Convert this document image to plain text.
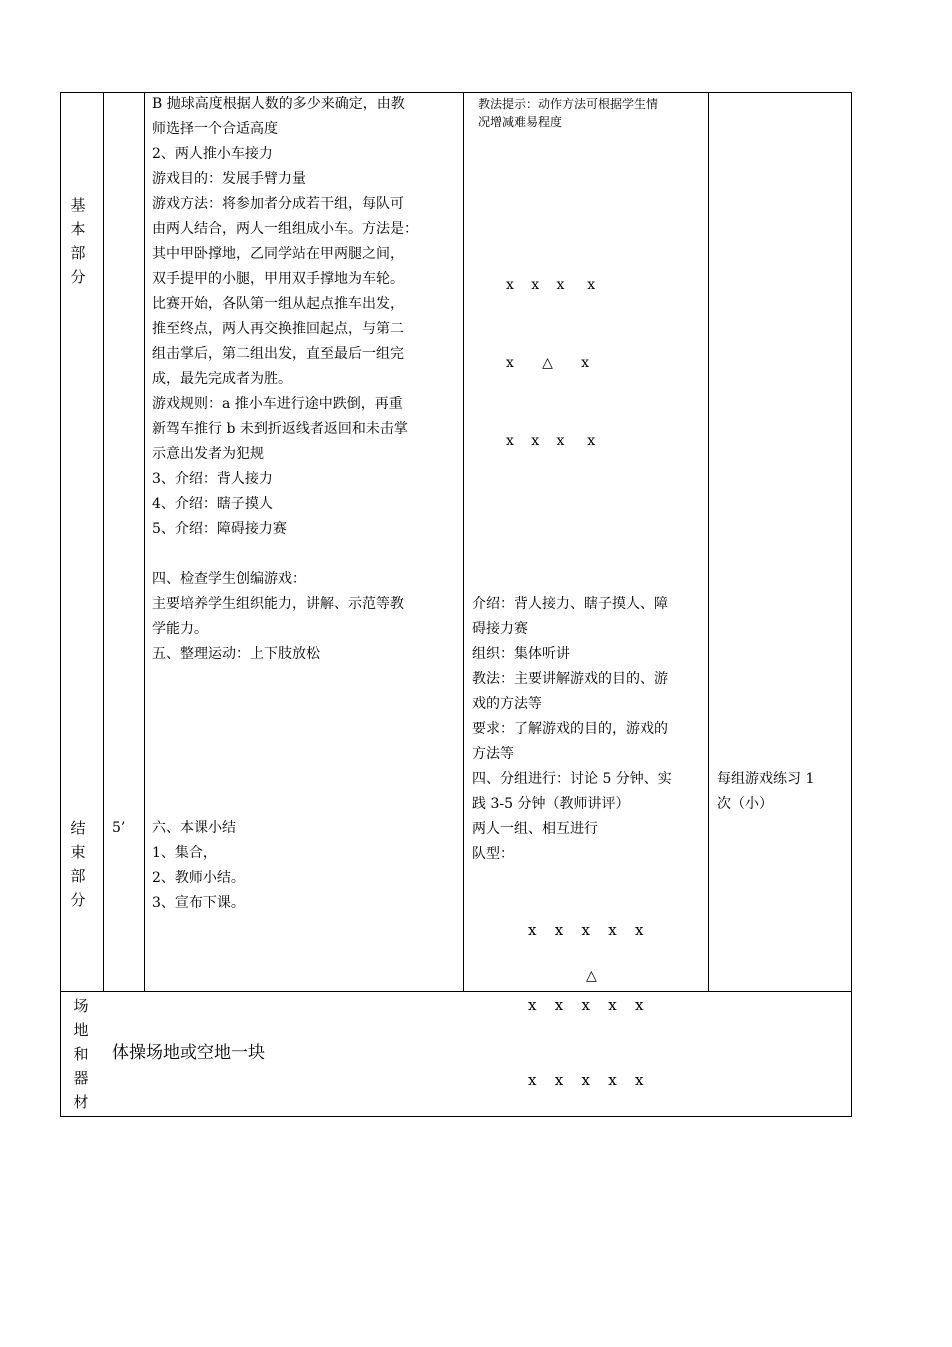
基
本
部
分
结
束
部
分
场
地
和
器
材
5’
B 抛球高度根据人数的多少来确定，由教
师选择一个合适高度
2、两人推小车接力
游戏目的：发展手臂力量
游戏方法：将参加者分成若干组，每队可
由两人结合，两人一组组成小车。方法是：
其中甲卧撑地，乙同学站在甲两腿之间，
双手提甲的小腿，甲用双手撑地为车轮。
比赛开始，各队第一组从起点推车出发，
推至终点，两人再交换推回起点，与第二
组击掌后，第二组出发，直至最后一组完
成，最先完成者为胜。
游戏规则：a 推小车进行途中跌倒，再重
新驾车推行 b 未到折返线者返回和未击掌
示意出发者为犯规
3、介绍：背人接力
4、介绍：瞎子摸人
5、介绍：障碍接力赛

四、检查学生创编游戏：
主要培养学生组织能力，讲解、示范等教
学能力。
五、整理运动：上下肢放松
六、本课小结
1、集合，
2、教师小结。
3、宣布下课。
教法提示：动作方法可根据学生情
况增减难易程度

x   x   x    x

x     △     x

x   x   x    x

介绍：背人接力、瞎子摸人、障
碍接力赛
组织：集体听讲
教法：主要讲解游戏的目的、游
戏的方法等
要求：了解游戏的目的，游戏的
方法等
四、分组进行：讨论 5 分钟、实
践 3-5 分钟（教师讲评）
两人一组、相互进行
队型：

x   x   x   x   x

x   x   x   x   x

x   x   x   x   x

△
每组游戏练习 1
次（小）
体操场地或空地一块
